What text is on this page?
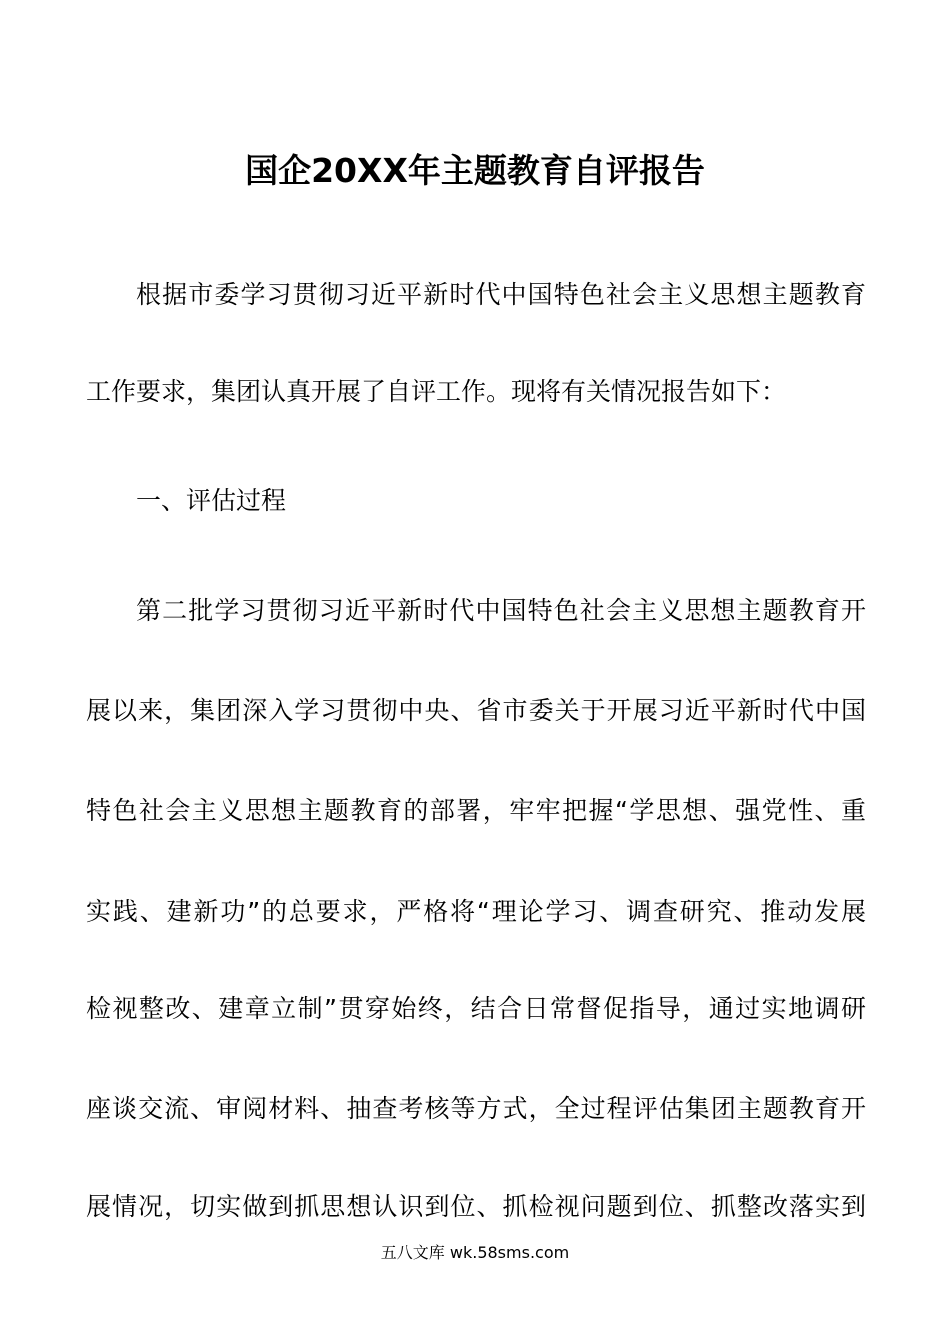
国企20XX年主题教育自评报告

根据市委学习贯彻习近平新时代中国特色社会主义思想主题教育

工作要求，集团认真开展了自评工作。现将有关情况报告如下：

一、评估过程

第二批学习贯彻习近平新时代中国特色社会主义思想主题教育开

展以来，集团深入学习贯彻中央、省市委关于开展习近平新时代中国

特色社会主义思想主题教育的部署，牢牢把握“学思想、强党性、重

实践、建新功”的总要求，严格将“理论学习、调查研究、推动发展

检视整改、建章立制”贯穿始终，结合日常督促指导，通过实地调研

座谈交流、审阅材料、抽查考核等方式，全过程评估集团主题教育开

展情况，切实做到抓思想认识到位、抓检视问题到位、抓整改落实到

五八文库 wk.58sms.com
